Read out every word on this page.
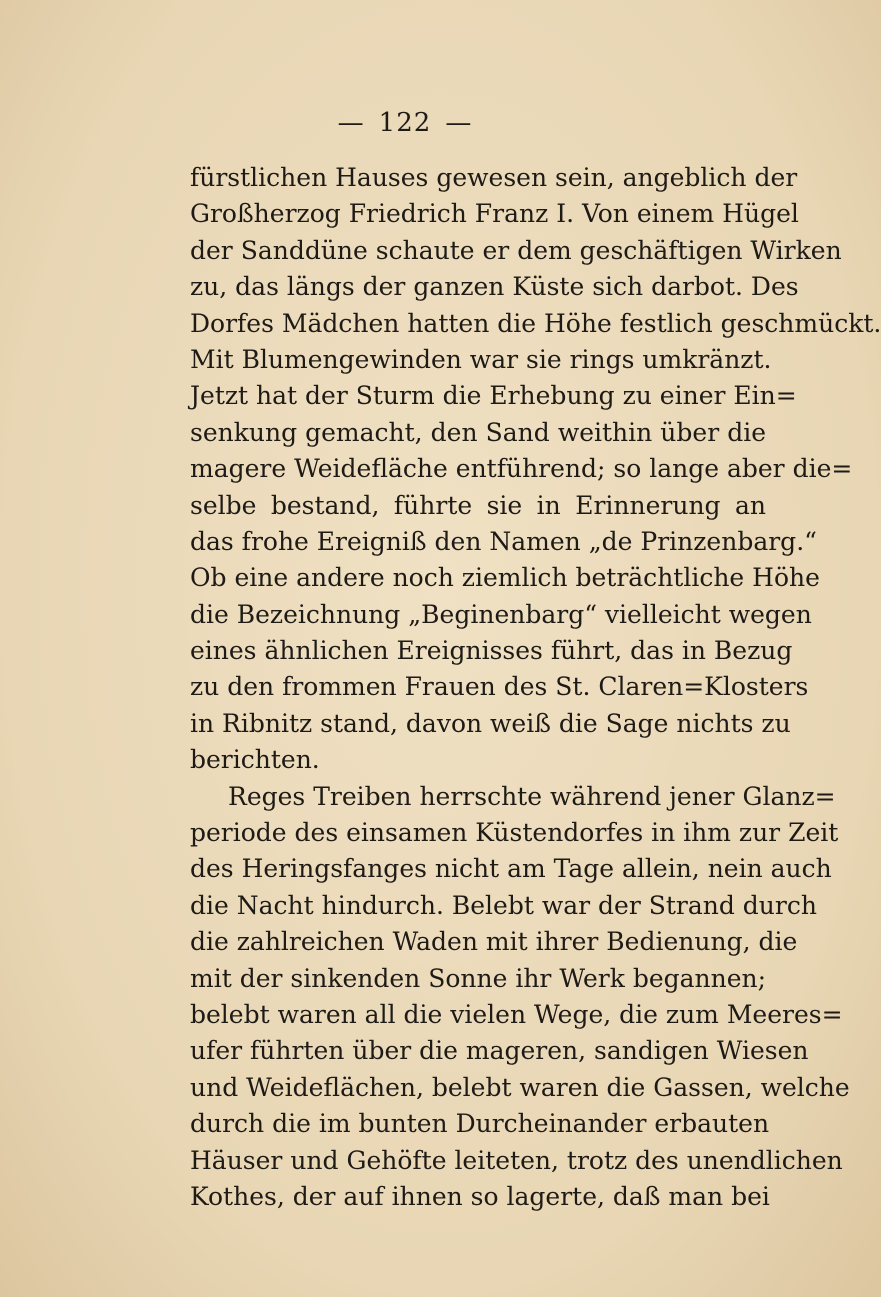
— 122 —
fürstlichen Hauses gewesen sein, angeblich der
Großherzog Friedrich Franz I. Von einem Hügel
der Sanddüne schaute er dem geschäftigen Wirken
zu, das längs der ganzen Küste sich darbot. Des
Dorfes Mädchen hatten die Höhe festlich geschmückt.
Mit Blumengewinden war sie rings umkränzt.
Jetzt hat der Sturm die Erhebung zu einer Ein=
senkung gemacht, den Sand weithin über die
magere Weidefläche entführend; so lange aber die=
selbe bestand, führte sie in Erinnerung an
das frohe Ereigniß den Namen „de Prinzenbarg.“
Ob eine andere noch ziemlich beträchtliche Höhe
die Bezeichnung „Beginenbarg“ vielleicht wegen
eines ähnlichen Ereignisses führt, das in Bezug
zu den frommen Frauen des St. Claren=Klosters
in Ribnitz stand, davon weiß die Sage nichts zu
berichten.
Reges Treiben herrschte während jener Glanz=
periode des einsamen Küstendorfes in ihm zur Zeit
des Heringsfanges nicht am Tage allein, nein auch
die Nacht hindurch. Belebt war der Strand durch
die zahlreichen Waden mit ihrer Bedienung, die
mit der sinkenden Sonne ihr Werk begannen;
belebt waren all die vielen Wege, die zum Meeres=
ufer führten über die mageren, sandigen Wiesen
und Weideflächen, belebt waren die Gassen, welche
durch die im bunten Durcheinander erbauten
Häuser und Gehöfte leiteten, trotz des unendlichen
Kothes, der auf ihnen so lagerte, daß man bei
